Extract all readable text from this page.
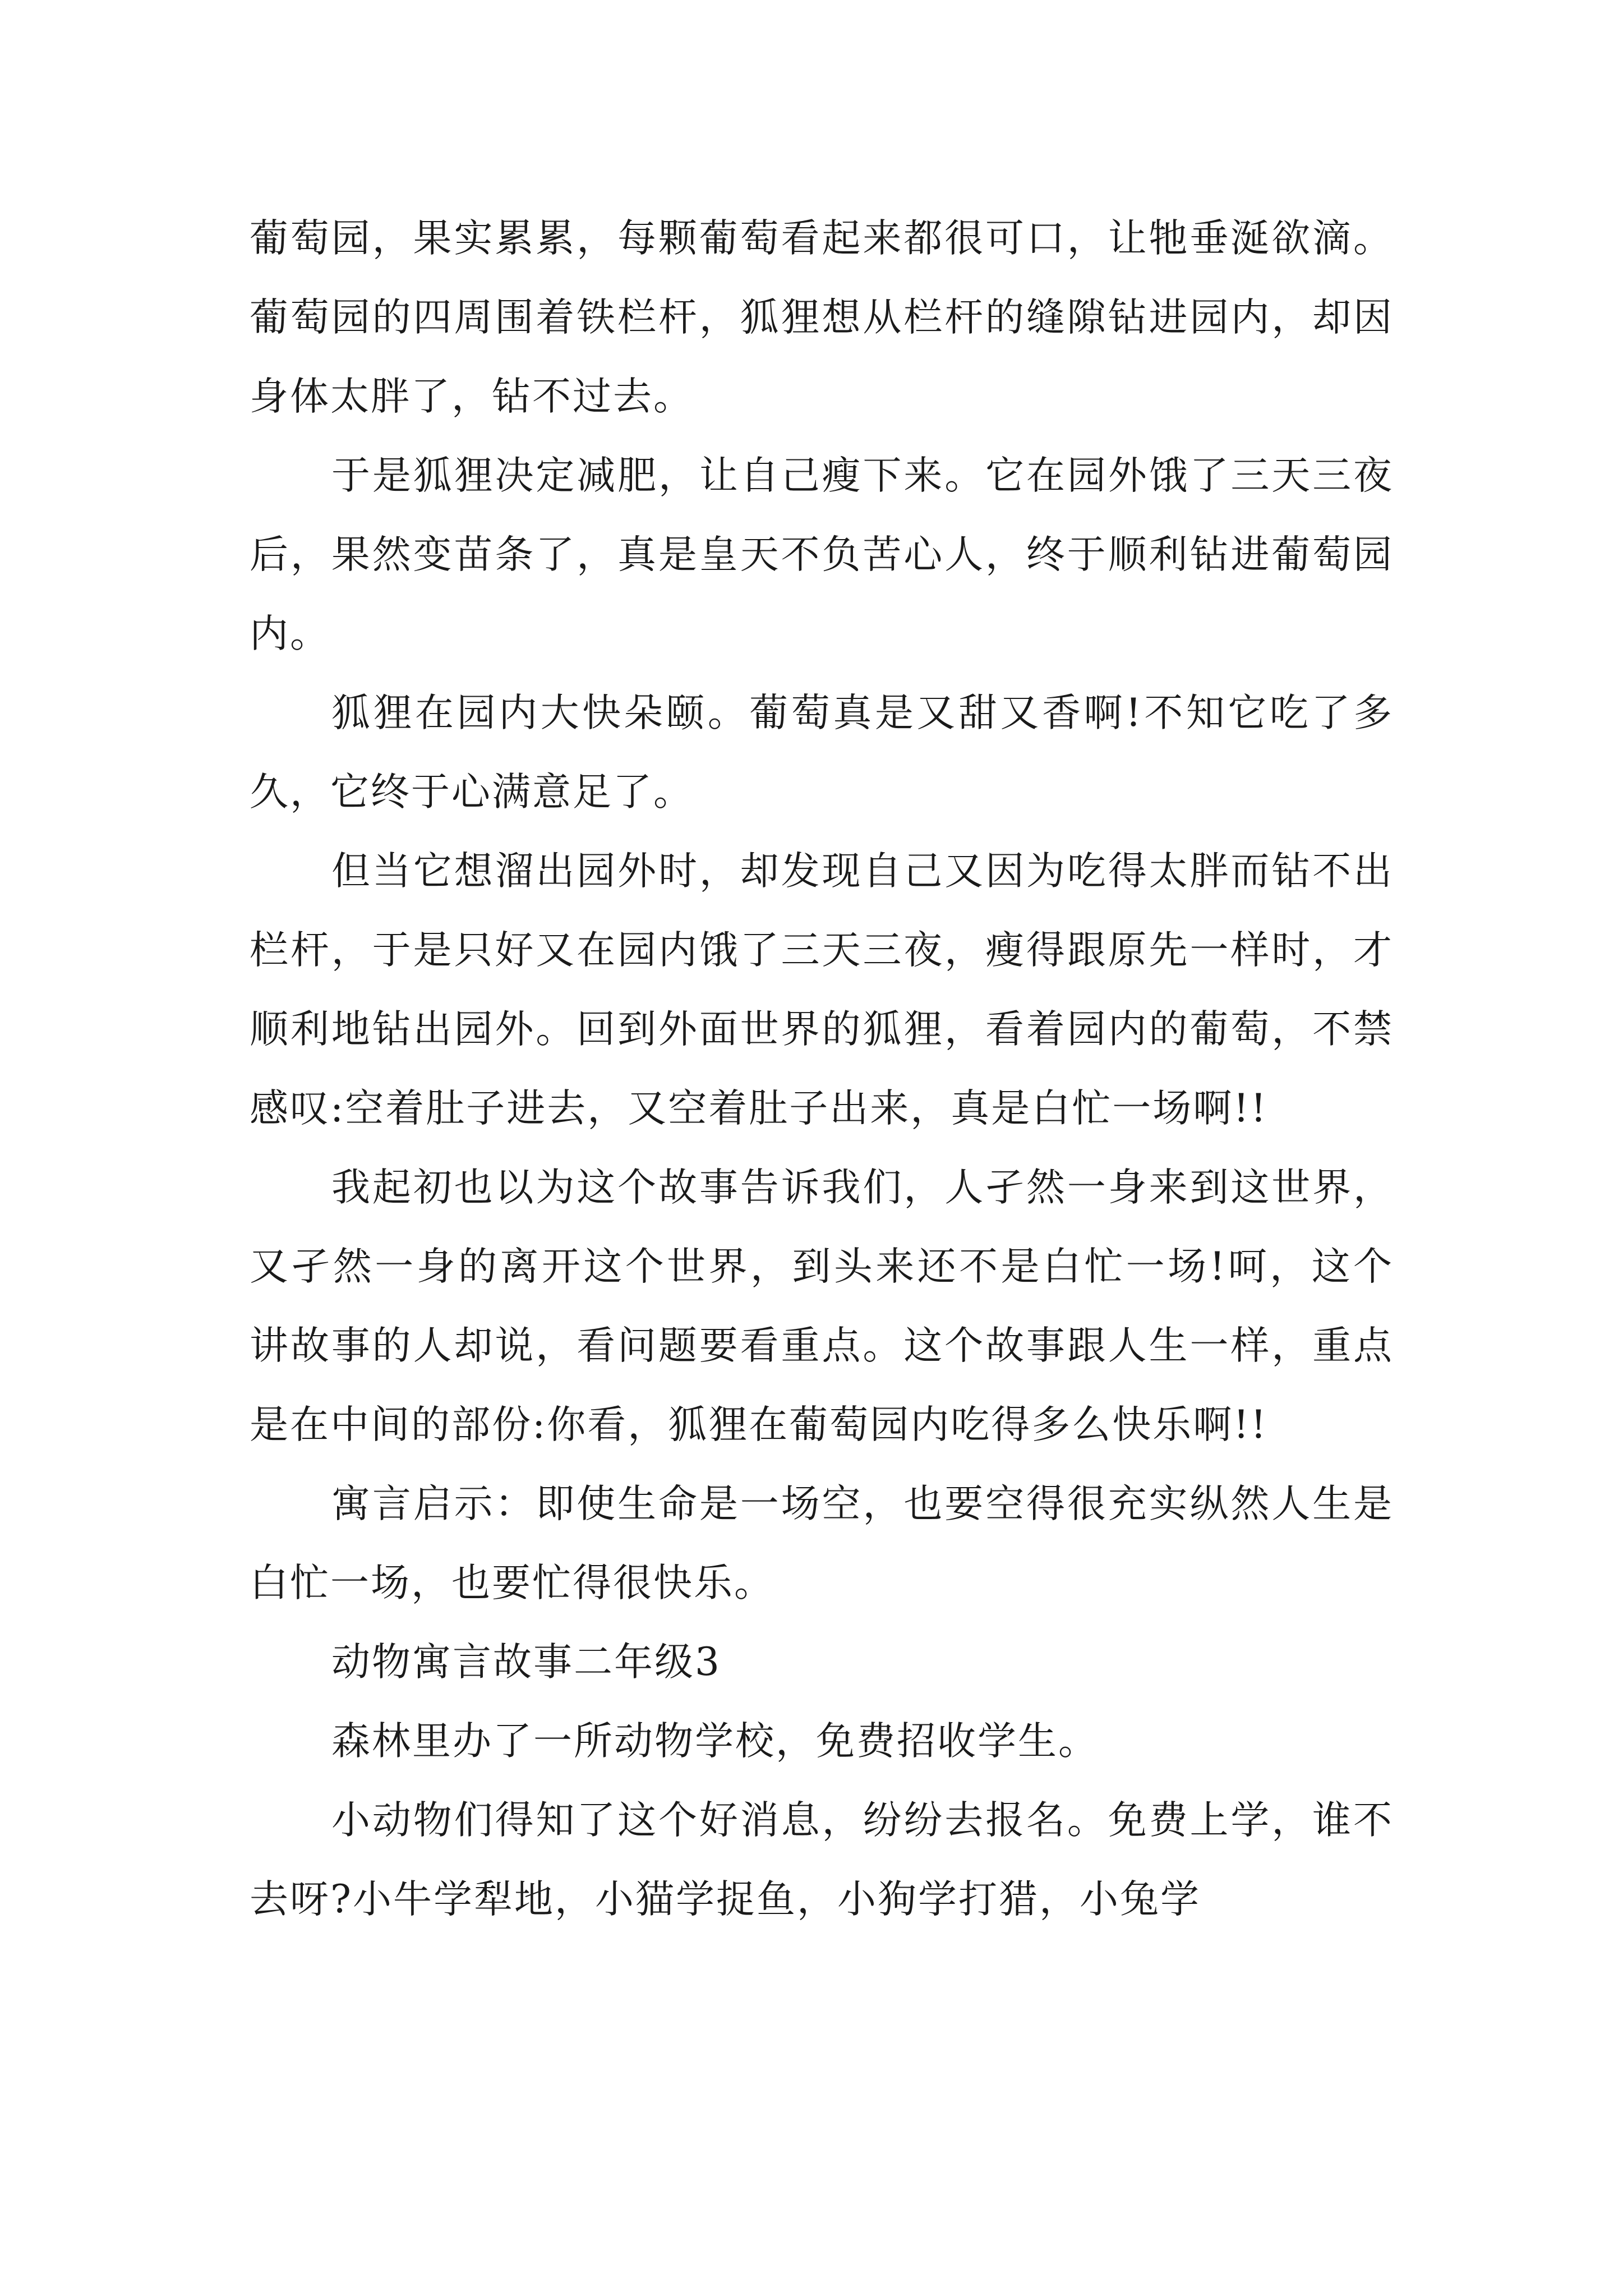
葡萄园，果实累累，每颗葡萄看起来都很可口，让牠垂涎欲滴。葡萄园的四周围着铁栏杆，狐狸想从栏杆的缝隙钻进园内，却因身体太胖了，钻不过去。

于是狐狸决定减肥，让自己瘦下来。它在园外饿了三天三夜后，果然变苗条了，真是皇天不负苦心人，终于顺利钻进葡萄园内。

狐狸在园内大快朵颐。葡萄真是又甜又香啊!不知它吃了多久，它终于心满意足了。

但当它想溜出园外时，却发现自己又因为吃得太胖而钻不出栏杆，于是只好又在园内饿了三天三夜，瘦得跟原先一样时，才顺利地钻出园外。回到外面世界的狐狸，看着园内的葡萄，不禁感叹:空着肚子进去，又空着肚子出来，真是白忙一场啊!!

我起初也以为这个故事告诉我们，人孑然一身来到这世界，又孑然一身的离开这个世界，到头来还不是白忙一场!呵，这个讲故事的人却说，看问题要看重点。这个故事跟人生一样，重点是在中间的部份:你看，狐狸在葡萄园内吃得多么快乐啊!!

寓言启示：即使生命是一场空，也要空得很充实纵然人生是白忙一场，也要忙得很快乐。

动物寓言故事二年级3

森林里办了一所动物学校，免费招收学生。

小动物们得知了这个好消息，纷纷去报名。免费上学，谁不去呀?小牛学犁地，小猫学捉鱼，小狗学打猎，小兔学
